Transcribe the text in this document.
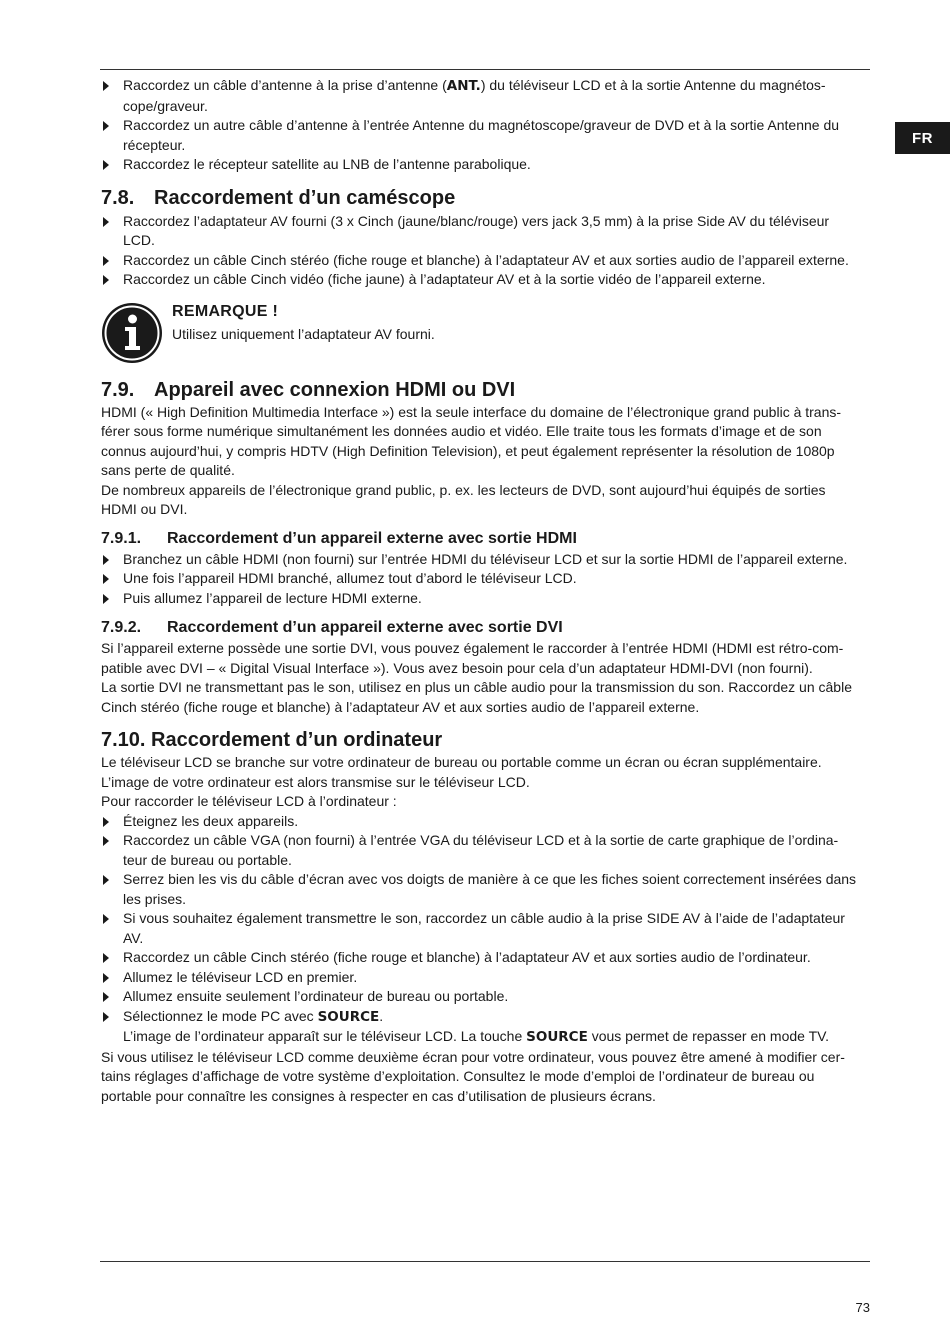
FR
Raccordez un câble d’antenne à la prise d’antenne (ANT.) du téléviseur LCD et à la sortie Antenne du magnétos-
cope/graveur.
Raccordez un autre câble d’antenne à l’entrée Antenne du magnétoscope/graveur de DVD et à la sortie Antenne du
récepteur.
Raccordez le récepteur satellite au LNB de l’antenne parabolique.
7.8. Raccordement d’un caméscope
Raccordez l’adaptateur AV fourni (3 x Cinch (jaune/blanc/rouge) vers jack 3,5 mm) à la prise Side AV du téléviseur
LCD.
Raccordez un câble Cinch stéréo (fiche rouge et blanche) à l’adaptateur AV et aux sorties audio de l’appareil externe.
Raccordez un câble Cinch vidéo (fiche jaune) à l’adaptateur AV et à la sortie vidéo de l’appareil externe.
REMARQUE !
Utilisez uniquement l’adaptateur AV fourni.
7.9. Appareil avec connexion HDMI ou DVI

HDMI (« High Definition Multimedia Interface ») est la seule interface du domaine de l’électronique grand public à trans-
férer sous forme numérique simultanément les données audio et vidéo. Elle traite tous les formats d’image et de son
connus aujourd’hui, y compris HDTV (High Definition Television), et peut également représenter la résolution de 1080p
sans perte de qualité.

De nombreux appareils de l’électronique grand public, p. ex. les lecteurs de DVD, sont aujourd’hui équipés de sorties
HDMI ou DVI.

7.9.1. Raccordement d’un appareil externe avec sortie HDMI
Branchez un câble HDMI (non fourni) sur l’entrée HDMI du téléviseur LCD et sur la sortie HDMI de l’appareil externe.
Une fois l’appareil HDMI branché, allumez tout d’abord le téléviseur LCD.
Puis allumez l’appareil de lecture HDMI externe.
7.9.2. Raccordement d’un appareil externe avec sortie DVI

Si l’appareil externe possède une sortie DVI, vous pouvez également le raccorder à l’entrée HDMI (HDMI est rétro-com-
patible avec DVI – « Digital Visual Interface »). Vous avez besoin pour cela d’un adaptateur HDMI-DVI (non fourni).

La sortie DVI ne transmettant pas le son, utilisez en plus un câble audio pour la transmission du son. Raccordez un câble
Cinch stéréo (fiche rouge et blanche) à l’adaptateur AV et aux sorties audio de l’appareil externe.

7.10. Raccordement d’un ordinateur

Le téléviseur LCD se branche sur votre ordinateur de bureau ou portable comme un écran ou écran supplémentaire.
L’image de votre ordinateur est alors transmise sur le téléviseur LCD.
Pour raccorder le téléviseur LCD à l’ordinateur :

Éteignez les deux appareils.
Raccordez un câble VGA (non fourni) à l’entrée VGA du téléviseur LCD et à la sortie de carte graphique de l’ordina-
teur de bureau ou portable.
Serrez bien les vis du câble d’écran avec vos doigts de manière à ce que les fiches soient correctement insérées dans
les prises.
Si vous souhaitez également transmettre le son, raccordez un câble audio à la prise SIDE AV à l’aide de l’adaptateur
AV.
Raccordez un câble Cinch stéréo (fiche rouge et blanche) à l’adaptateur AV et aux sorties audio de l’ordinateur.
Allumez le téléviseur LCD en premier.
Allumez ensuite seulement l’ordinateur de bureau ou portable.
Sélectionnez le mode PC avec SOURCE.
L’image de l’ordinateur apparaît sur le téléviseur LCD. La touche SOURCE vous permet de repasser en mode TV.

Si vous utilisez le téléviseur LCD comme deuxième écran pour votre ordinateur, vous pouvez être amené à modifier cer-
tains réglages d’affichage de votre système d’exploitation. Consultez le mode d’emploi de l’ordinateur de bureau ou
portable pour connaître les consignes à respecter en cas d’utilisation de plusieurs écrans.

73
